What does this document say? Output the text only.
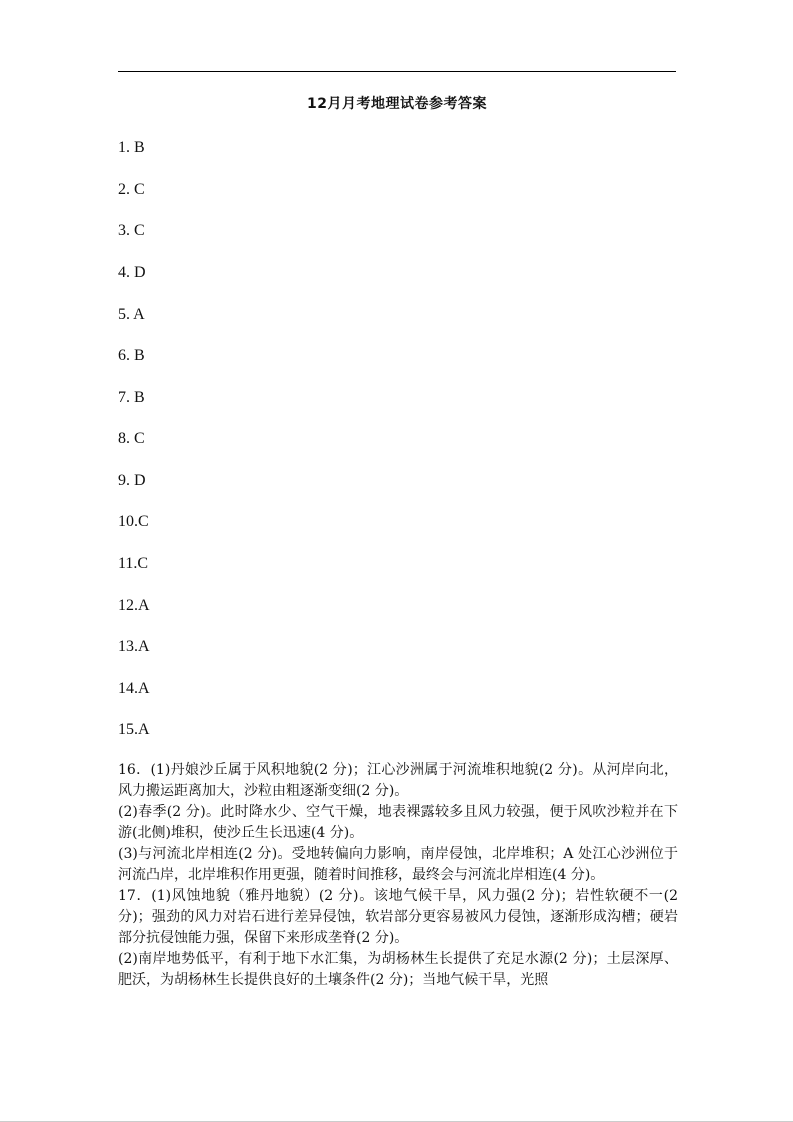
12月月考地理试卷参考答案
1. B
2. C
3. C
4. D
5. A
6. B
7. B
8. C
9. D
10.C
11.C
12.A
13.A
14.A
15.A

16．(1)丹娘沙丘属于风积地貌(2 分)；江心沙洲属于河流堆积地貌(2 分)。从河岸向北，风力搬运距离加大，沙粒由粗逐渐变细(2 分)。

(2)春季(2 分)。此时降水少、空气干燥，地表裸露较多且风力较强，便于风吹沙粒并在下游(北侧)堆积，使沙丘生长迅速(4 分)。

(3)与河流北岸相连(2 分)。受地转偏向力影响，南岸侵蚀，北岸堆积；A 处江心沙洲位于河流凸岸，北岸堆积作用更强，随着时间推移，最终会与河流北岸相连(4 分)。

17．(1)风蚀地貌（雅丹地貌）(2 分)。该地气候干旱，风力强(2 分)；岩性软硬不一(2 分)；强劲的风力对岩石进行差异侵蚀，软岩部分更容易被风力侵蚀，逐渐形成沟槽；硬岩部分抗侵蚀能力强，保留下来形成垄脊(2 分)。

(2)南岸地势低平，有利于地下水汇集，为胡杨林生长提供了充足水源(2 分)；土层深厚、肥沃，为胡杨林生长提供良好的土壤条件(2 分)；当地气候干旱，光照
